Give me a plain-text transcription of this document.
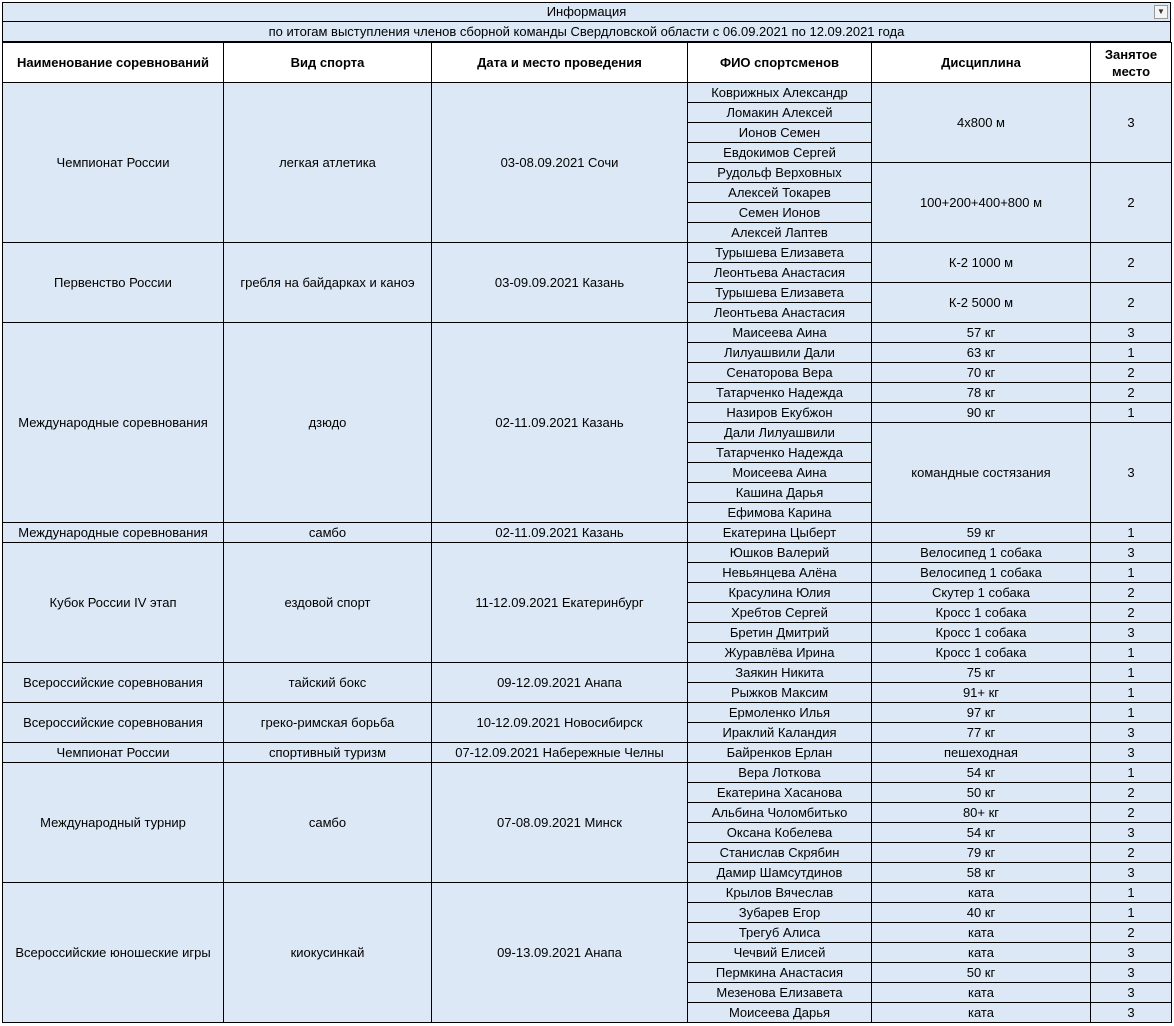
Информация	▼
по итогам выступления членов сборной команды Свердловской области с 06.09.2021 по 12.09.2021 года
Наименование соревнований	Вид спорта	Дата и место проведения	ФИО спортсменов	Дисциплина	Занятое место
Чемпионат России	легкая атлетика	03-08.09.2021 Сочи	Коврижных Александр	4х800 м	3
			Ломакин Алексей		
			Ионов Семен		
			Евдокимов Сергей		
			Рудольф Верховных	100+200+400+800 м	2
			Алексей Токарев		
			Семен Ионов		
			Алексей Лаптев		
Первенство России	гребля на байдарках и каноэ	03-09.09.2021 Казань	Турышева Елизавета	К-2 1000 м	2
			Леонтьева Анастасия		
			Турышева Елизавета	К-2 5000 м	2
			Леонтьева Анастасия		
Международные соревнования	дзюдо	02-11.09.2021 Казань	Маисеева Аина	57 кг	3
			Лилуашвили Дали	63 кг	1
			Сенаторова Вера	70 кг	2
			Татарченко Надежда	78 кг	2
			Назиров Екубжон	90 кг	1
			Дали Лилуашвили	командные состязания	3
			Татарченко Надежда		
			Моисеева Аина		
			Кашина Дарья		
			Ефимова Карина		
Международные соревнования	самбо	02-11.09.2021 Казань	Екатерина Цыберт	59 кг	1
Кубок России IV этап	ездовой спорт	11-12.09.2021 Екатеринбург	Юшков Валерий	Велосипед 1 собака	3
			Невьянцева Алёна	Велосипед 1 собака	1
			Красулина Юлия	Скутер 1 собака	2
			Хребтов Сергей	Кросс 1 собака	2
			Бретин Дмитрий	Кросс 1 собака	3
			Журавлёва Ирина	Кросс 1 собака	1
Всероссийские соревнования	тайский бокс	09-12.09.2021 Анапа	Заякин Никита	75 кг	1
			Рыжков Максим	91+ кг	1
Всероссийские соревнования	греко-римская борьба	10-12.09.2021 Новосибирск	Ермоленко Илья	97 кг	1
			Ираклий Каландия	77 кг	3
Чемпионат России	спортивный туризм	07-12.09.2021 Набережные Челны	Байренков Ерлан	пешеходная	3
Международный турнир	самбо	07-08.09.2021 Минск	Вера Лоткова	54 кг	1
			Екатерина Хасанова	50 кг	2
			Альбина Чоломбитько	80+ кг	2
			Оксана Кобелева	54 кг	3
			Станислав Скрябин	79 кг	2
			Дамир Шамсутдинов	58 кг	3
Всероссийские юношеские игры	киокусинкай	09-13.09.2021 Анапа	Крылов Вячеслав	ката	1
			Зубарев Егор	40 кг	1
			Трегуб Алиса	ката	2
			Чечвий Елисей	ката	3
			Пермкина Анастасия	50 кг	3
			Мезенова Елизавета	ката	3
			Моисеева Дарья	ката	3
